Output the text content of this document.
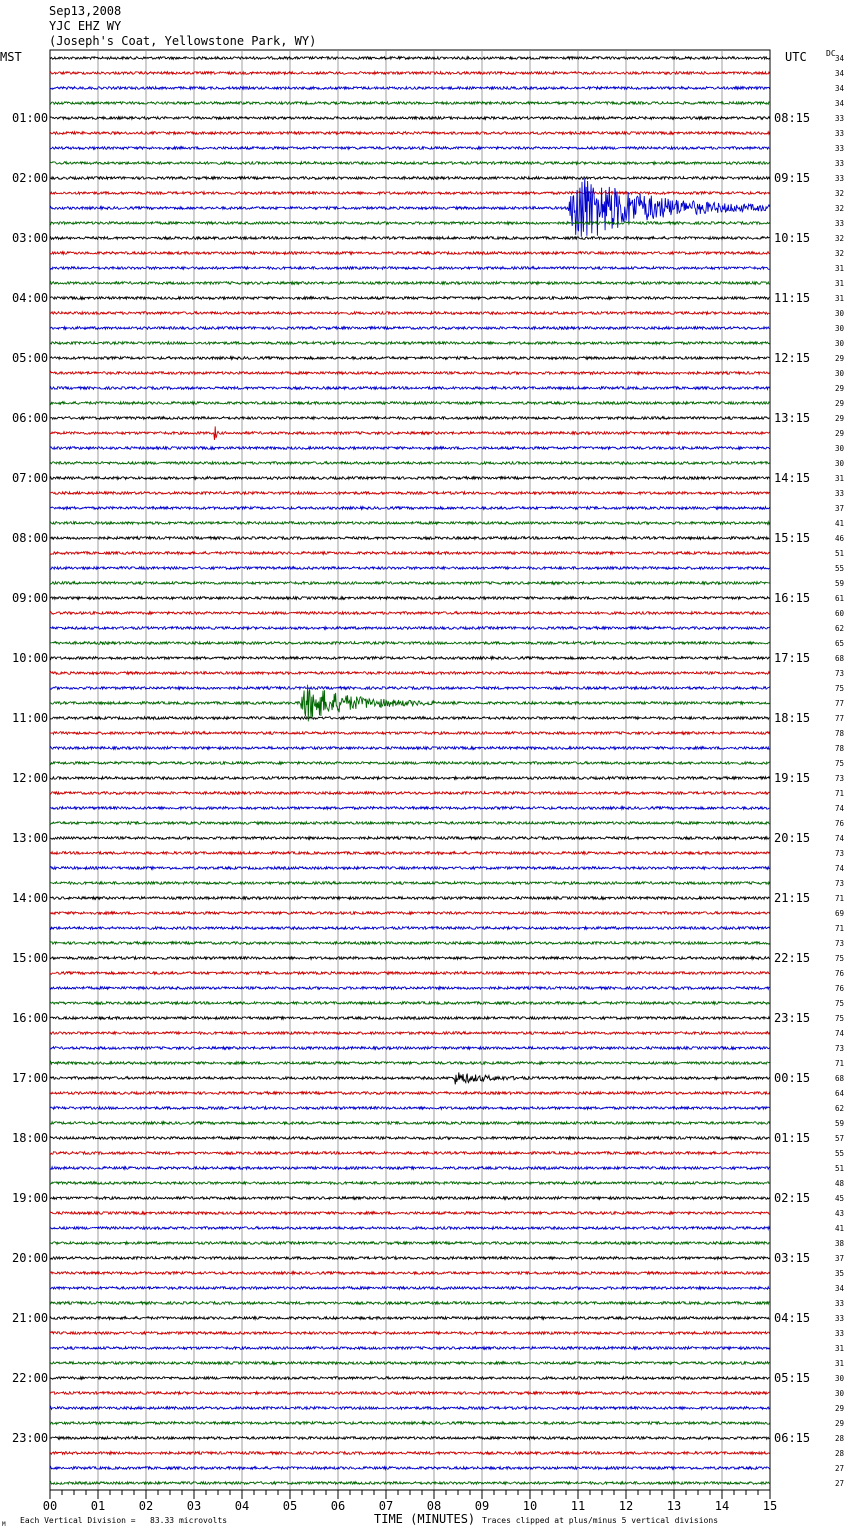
Sep13,2008
YJC EHZ WY
(Joseph's Coat, Yellowstone Park, WY)
MST	UTC DC
01:00
02:00
03:00
04:00
05:00
06:00
07:00
08:00
09:00
10:00
11:00
12:00
13:00
14:00
15:00
16:00
17:00
18:00
19:00
20:00
21:00
22:00
23:00
08:15
09:15
10:15
11:15
12:15
13:15
14:15
15:15
16:15
17:15
18:15
19:15
20:15
21:15
22:15
23:15
00:15
01:15
02:15
03:15
04:15
05:15
06:15
34
34
34
34
33
33
33
33
33
32
32
33
32
32
31
31
31
30
30
30
29
30
29
29
29
29
30
30
31
33
37
41
46
51
55
59
61
60
62
65
68
73
75
77
77
78
78
75
73
71
74
76
74
73
74
73
71
69
71
73
75
76
76
75
75
74
73
71
68
64
62
59
57
55
51
48
45
43
41
38
37
35
34
33
33
33
31
31
30
30
29
29
28
28
27
27
00	01	02	03	04	05	06	07	08	09	10	11	12	13	14	15
TIME (MINUTES)
Each Vertical Division =   83.33 microvolts	Traces clipped at plus/minus 5 vertical divisions
M
